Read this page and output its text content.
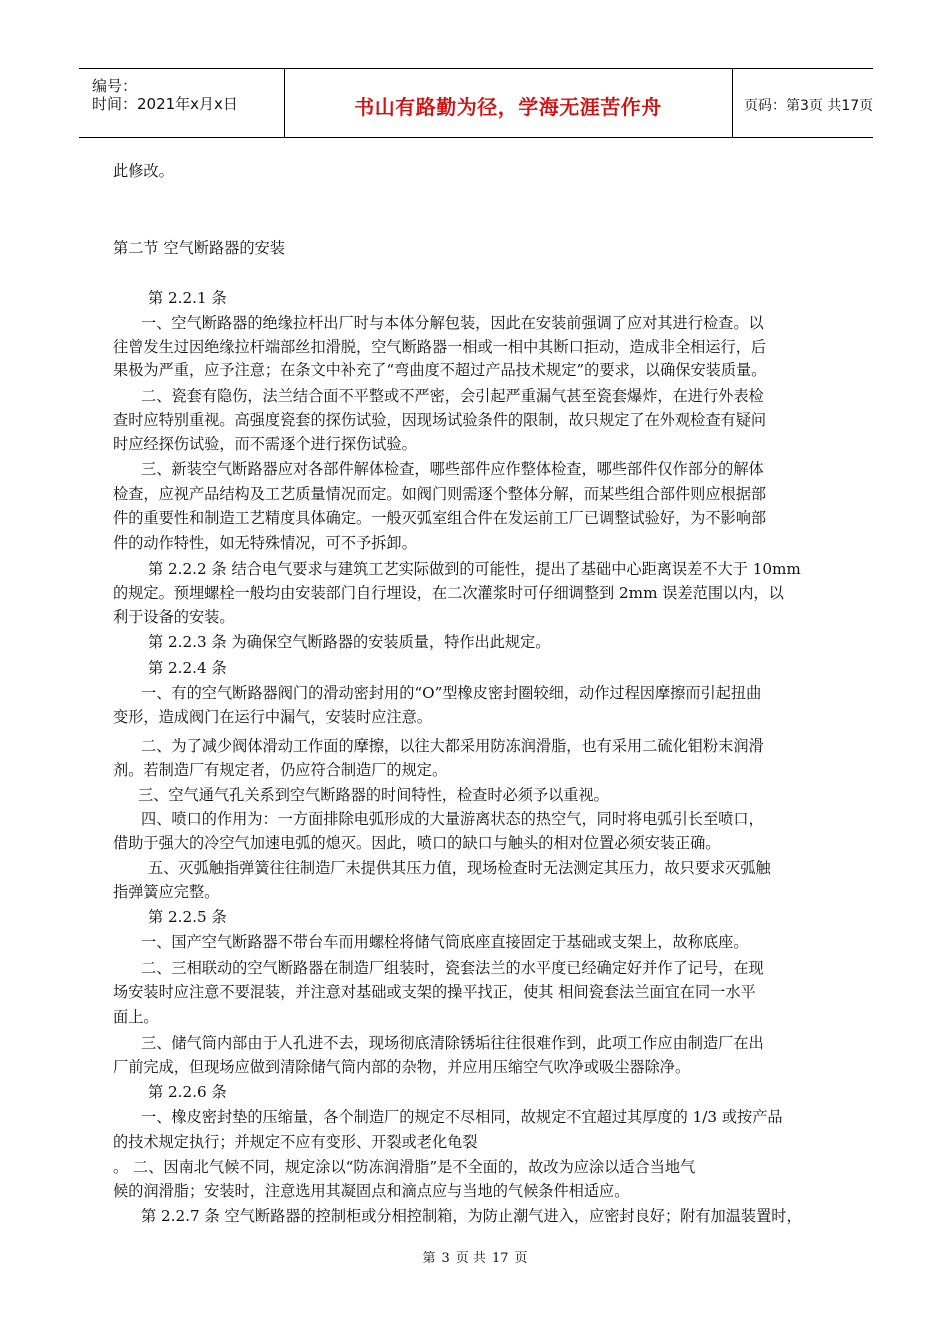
编号：
时间：2021年x月x日	书山有路勤为径，学海无涯苦作舟	页码：第3页 共17页
此修改。
第二节 空气断路器的安装
第 2.2.1 条
一、空气断路器的绝缘拉杆出厂时与本体分解包装，因此在安装前强调了应对其进行检查。以
往曾发生过因绝缘拉杆端部丝扣滑脱，空气断路器一相或一相中其断口拒动，造成非全相运行，后
果极为严重，应予注意；在条文中补充了“弯曲度不超过产品技术规定”的要求，以确保安装质量。
二、瓷套有隐伤，法兰结合面不平整或不严密，会引起严重漏气甚至瓷套爆炸，在进行外表检
查时应特别重视。高强度瓷套的探伤试验，因现场试验条件的限制，故只规定了在外观检查有疑问
时应经探伤试验，而不需逐个进行探伤试验。
三、新装空气断路器应对各部件解体检查，哪些部件应作整体检查，哪些部件仅作部分的解体
检查，应视产品结构及工艺质量情况而定。如阀门则需逐个整体分解，而某些组合部件则应根据部
件的重要性和制造工艺精度具体确定。一般灭弧室组合件在发运前工厂已调整试验好，为不影响部
件的动作特性，如无特殊情况，可不予拆卸。
第 2.2.2 条 结合电气要求与建筑工艺实际做到的可能性，提出了基础中心距离误差不大于 10mm
的规定。预埋螺栓一般均由安装部门自行埋设，在二次灌浆时可仔细调整到 2mm 误差范围以内，以
利于设备的安装。
第 2.2.3 条 为确保空气断路器的安装质量，特作出此规定。
第 2.2.4 条
一、有的空气断路器阀门的滑动密封用的“O”型橡皮密封圈较细，动作过程因摩擦而引起扭曲
变形，造成阀门在运行中漏气，安装时应注意。
二、为了减少阀体滑动工作面的摩擦，以往大都采用防冻润滑脂，也有采用二硫化钼粉末润滑
剂。若制造厂有规定者，仍应符合制造厂的规定。
三、空气通气孔关系到空气断路器的时间特性，检查时必须予以重视。
四、喷口的作用为：一方面排除电弧形成的大量游离状态的热空气，同时将电弧引长至喷口，
借助于强大的冷空气加速电弧的熄灭。因此，喷口的缺口与触头的相对位置必须安装正确。
五、灭弧触指弹簧往往制造厂未提供其压力值，现场检查时无法测定其压力，故只要求灭弧触
指弹簧应完整。
第 2.2.5 条
一、国产空气断路器不带台车而用螺栓将储气筒底座直接固定于基础或支架上，故称底座。
二、三相联动的空气断路器在制造厂组装时，瓷套法兰的水平度已经确定好并作了记号，在现
场安装时应注意不要混装，并注意对基础或支架的操平找正，使其 相间瓷套法兰面宜在同一水平
面上。
三、储气筒内部由于人孔进不去，现场彻底清除锈垢往往很难作到，此项工作应由制造厂在出
厂前完成，但现场应做到清除储气筒内部的杂物，并应用压缩空气吹净或吸尘器除净。
第 2.2.6 条
一、橡皮密封垫的压缩量，各个制造厂的规定不尽相同，故规定不宜超过其厚度的 1/3 或按产品
的技术规定执行；并规定不应有变形、开裂或老化龟裂
。 二、因南北气候不同，规定涂以“防冻润滑脂”是不全面的，故改为应涂以适合当地气
候的润滑脂；安装时，注意选用其凝固点和滴点应与当地的气候条件相适应。
第 2.2.7 条 空气断路器的控制柜或分相控制箱，为防止潮气进入，应密封良好；附有加温装置时，
第 3 页 共 17 页
